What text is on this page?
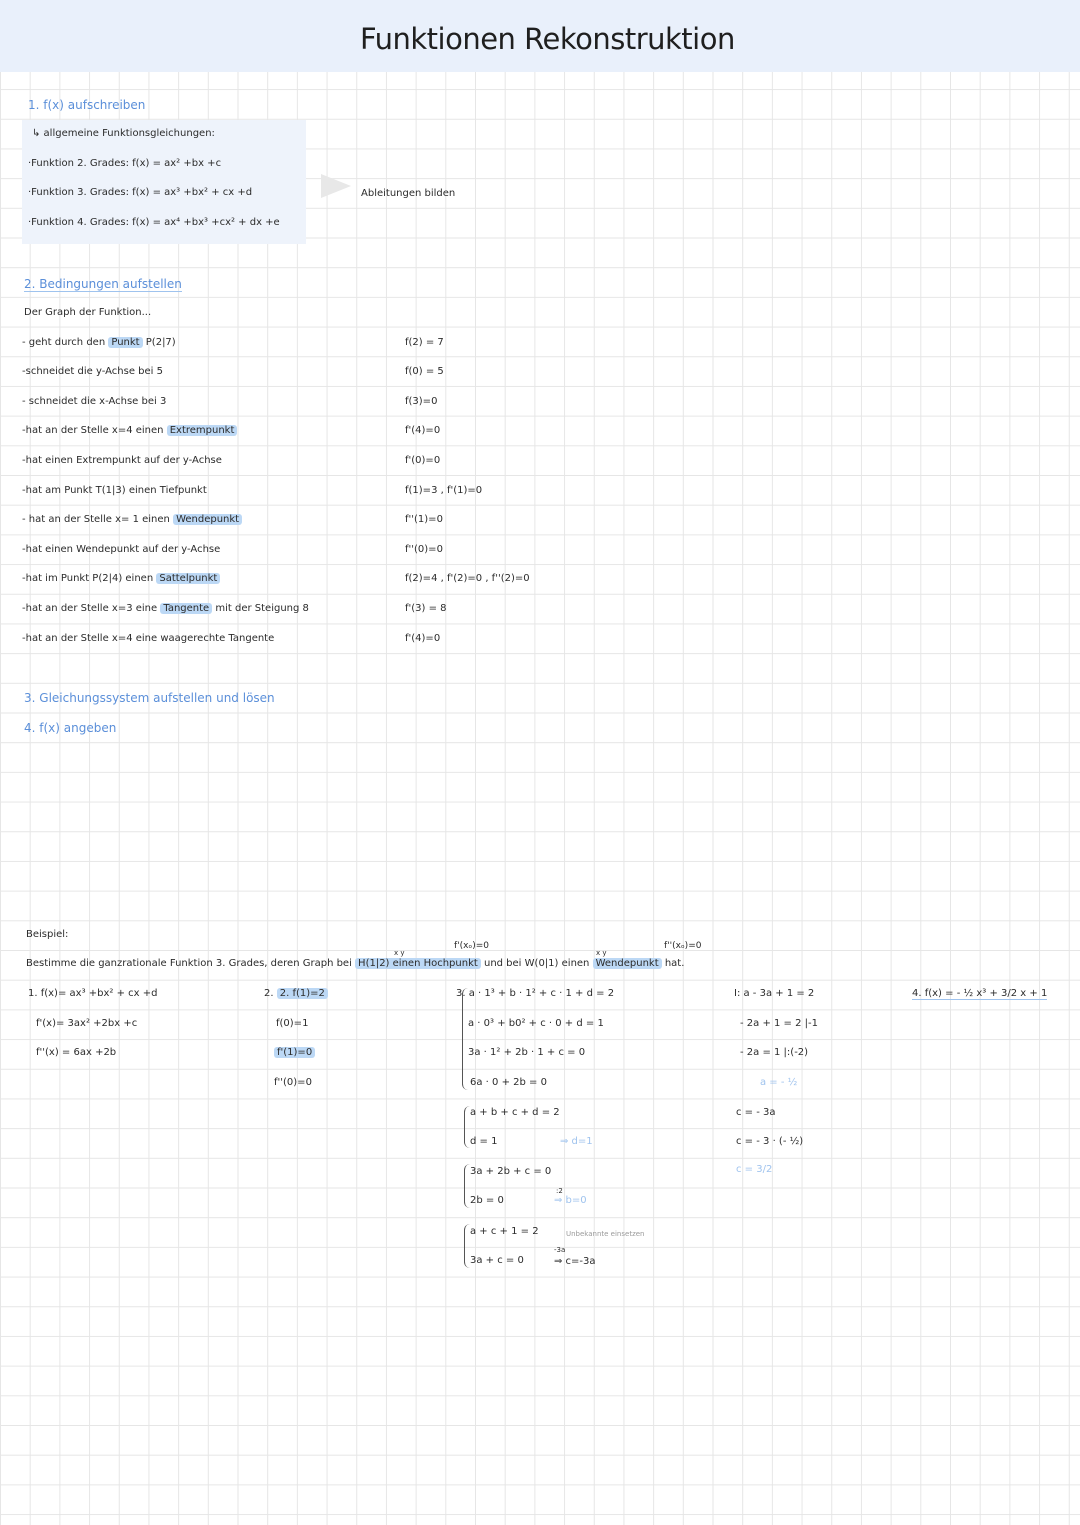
Funktionen Rekonstruktion
1. f(x) aufschreiben
↳ allgemeine Funktionsgleichungen:
·Funktion 2. Grades: f(x) = ax² +bx +c
·Funktion 3. Grades: f(x) = ax³ +bx² + cx +d
·Funktion 4. Grades: f(x) = ax⁴ +bx³ +cx² + dx +e
Ableitungen bilden
2. Bedingungen aufstellen
Der Graph der Funktion...
- geht durch den Punkt P(2|7)	f(2) = 7
-schneidet die y-Achse bei 5	f(0) = 5
- schneidet die x-Achse bei 3	f(3)=0
-hat an der Stelle x=4 einen Extrempunkt	f'(4)=0
-hat einen Extrempunkt auf der y-Achse	f'(0)=0
-hat am Punkt T(1|3) einen Tiefpunkt	f(1)=3 , f'(1)=0
- hat an der Stelle x= 1 einen Wendepunkt	f''(1)=0
-hat einen Wendepunkt auf der y-Achse	f''(0)=0
-hat im Punkt P(2|4) einen Sattelpunkt	f(2)=4 , f'(2)=0 , f''(2)=0
-hat an der Stelle x=3 eine Tangente mit der Steigung 8	f'(3) = 8
-hat an der Stelle x=4 eine waagerechte Tangente	f'(4)=0
3. Gleichungssystem aufstellen und lösen
4. f(x) angeben
Beispiel:
f'(xₒ)=0
x y	x y
f''(xₒ)=0
Bestimme die ganzrationale Funktion 3. Grades, deren Graph bei H(1|2) einen Hochpunkt und bei W(0|1) einen Wendepunkt hat.
1. f(x)= ax³ +bx² + cx +d
f'(x)= 3ax² +2bx +c
f''(x) = 6ax +2b
2. 2. f(1)=2
f(0)=1
f'(1)=0
f''(0)=0
3. a · 1³ + b · 1² + c · 1 + d = 2
a · 0³ + b0² + c · 0 + d = 1
3a · 1² + 2b · 1 + c = 0
6a · 0 + 2b = 0
a + b + c + d = 2
d = 1	⇒ d=1
3a + 2b + c = 0
2b = 0
:2
⇒ b=0
a + c + 1 = 2
3a + c = 0
Unbekannte einsetzen
-3a
⇒ c=-3a
I: a - 3a + 1 = 2
- 2a + 1 = 2 |-1
- 2a = 1 |:(-2)
a = - ½
c = - 3a
c = - 3 · (- ½)
c = 3/2
4. f(x) = - ½ x³ + 3/2 x + 1
